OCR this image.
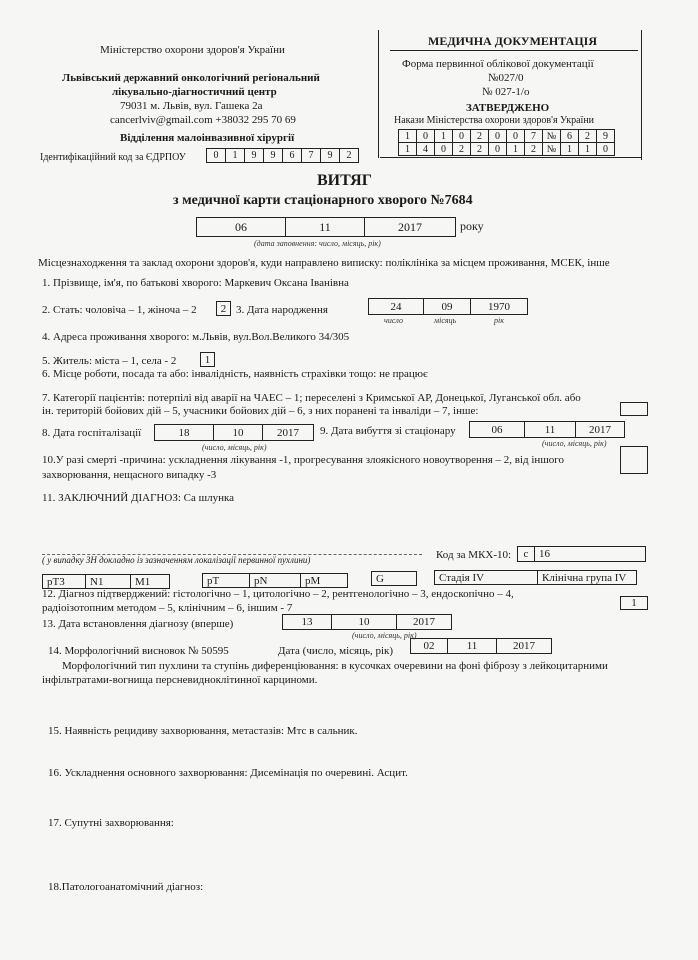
Міністерство охорони здоров'я України
Львівський державний онкологічний регіональний
лікувально-діагностичний центр
79031 м. Львів, вул. Гашека 2а
cancerlviv@gmail.com +38032 295 70 69
Відділення малоінвазивної хірургії
Ідентифікаційний код за ЄДРПОУ	0	1	9	9	6	7	9	2
МЕДИЧНА ДОКУМЕНТАЦІЯ
Форма первинної облікової документації
№027/0
№ 027-1/о
ЗАТВЕРДЖЕНО
Накази Міністерства охорони здоров'я України
1	0	1	0	2	0	0	7	№	6	2	9
1	4	0	2	2	0	1	2	№	1	1	0
ВИТЯГ
з медичної карти стаціонарного хворого №7684
06	11	2017	року
(дата заповнення: число, місяць, рік)
Місцезнаходження та заклад охорони здоров'я, куди направлено виписку: поліклініка за місцем проживання, МСЕК, інше
1. Прізвище, ім'я, по батькові хворого: Маркевич Оксана Іванівна
2. Стать: чоловіча – 1, жіноча – 2	2 3. Дата народження	24	09	1970
число	місяць	рік
4. Адреса проживання хворого: м.Львів, вул.Вол.Великого 34/305
5. Житель: міста – 1, села - 2	1
6. Місце роботи, посада та або: інвалідність, наявність страхівки тощо: не працює
7. Категорії пацієнтів: потерпілі від аварії на ЧАЕС – 1; переселені з Кримської АР, Донецької, Луганської обл. або
ін. територій бойових дій – 5, учасники бойових дій – 6, з них поранені та інваліди – 7, інше:
8. Дата госпіталізації	18	10	2017
(число, місяць, рік)
9. Дата вибуття зі стаціонару	06	11	2017
(число, місяць, рік)
10.У разі смерті -причина: ускладнення лікування -1, прогресування злоякісного новоутворення – 2, від іншого
захворювання, нещасного випадку -3
11. ЗАКЛЮЧНИЙ ДІАГНОЗ: Са шлунка
( у випадку ЗН докладно із зазначенням локалізації первинної пухлини)	Код за МКХ-10:	с 16
pT3	N1	M1	pT	pN	pM	G	Стадія IV	Клінічна група IV
12. Діагноз підтверджений: гістологічно – 1, цитологічно – 2, рентгенологічно – 3, ендоскопічно – 4,
радіоізотопним методом – 5, клінічним – 6, іншим - 7	1
13. Дата встановлення діагнозу (вперше)	13	10	2017
(число, місяць, рік)
14. Морфологічний висновок № 50595	Дата (число, місяць, рік)	02	11	2017
Морфологічний тип пухлини та ступінь диференціювання: в кусочках очеревини на фоні фіброзу з лейкоцитарними
інфільтратами-вогнища персневидноклітинної карциноми.
15. Наявність рецидиву захворювання, метастазів: Мтс в сальник.
16. Ускладнення основного захворювання: Дисемінація по очеревині. Асцит.
17. Супутні захворювання:
18.Патологоанатомічний діагноз:
